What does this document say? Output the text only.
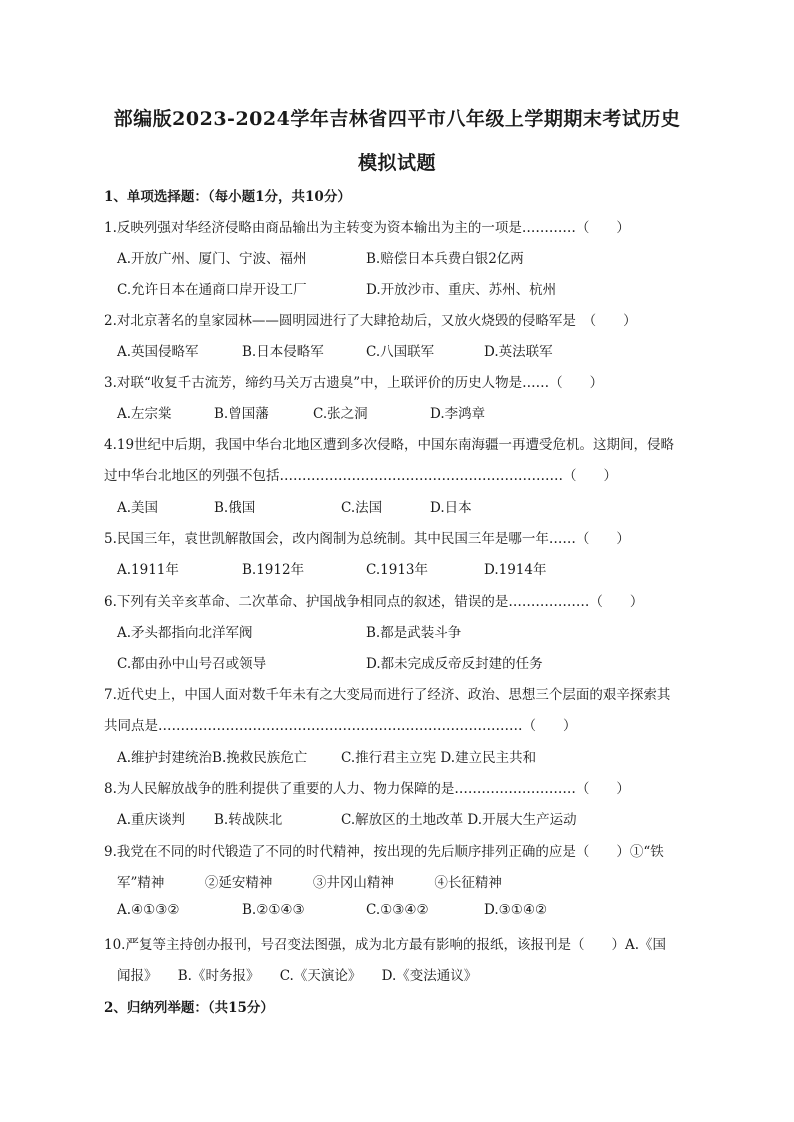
部编版2023-2024学年吉林省四平市八年级上学期期末考试历史
模拟试题
1、单项选择题：（每小题1分，共10分）
1.反映列强对华经济侵略由商品输出为主转变为资本输出为主的一项是…………（　　）
A.开放广州、厦门、宁波、福州	B.赔偿日本兵费白银2亿两
C.允许日本在通商口岸开设工厂	D.开放沙市、重庆、苏州、杭州
2.对北京著名的皇家园林——圆明园进行了大肆抢劫后，又放火烧毁的侵略军是　（　　）
A.英国侵略军	B.日本侵略军	C.八国联军	D.英法联军
3.对联“收复千古流芳，缔约马关万古遗臭”中，上联评价的历史人物是……（　　）
A.左宗棠	B.曾国藩	C.张之洞	D.李鸿章
4.19世纪中后期，我国中华台北地区遭到多次侵略，中国东南海疆一再遭受危机。这期间，侵略
过中华台北地区的列强不包括………………………………………………………（　　）
A.美国	B.俄国	C.法国	D.日本
5.民国三年，袁世凯解散国会，改内阁制为总统制。其中民国三年是哪一年……（　　）
A.1911年	B.1912年	C.1913年	D.1914年
6.下列有关辛亥革命、二次革命、护国战争相同点的叙述，错误的是………………（　　）
A.矛头都指向北洋军阀	B.都是武装斗争
C.都由孙中山号召或领导	D.都未完成反帝反封建的任务
7.近代史上，中国人面对数千年未有之大变局而进行了经济、政治、思想三个层面的艰辛探索其
共同点是………………………………………………………………………（　　）
A.维护封建统治B.挽救民族危亡 C.推行君主立宪 D.建立民主共和
8.为人民解放战争的胜利提供了重要的人力、物力保障的是………………………（　　）
A.重庆谈判 B.转战陕北	C.解放区的土地改革 D.开展大生产运动
9.我党在不同的时代锻造了不同的时代精神，按出现的先后顺序排列正确的应是（　　）①“铁
军”精神　　　②延安精神　　　③井冈山精神　　　④长征精神
A.④①③②	B.②①④③	C.①③④②	D.③①④②
10.严复等主持创办报刊，号召变法图强，成为北方最有影响的报纸，该报刊是（　　）A.《国
闻报》　　B.《时务报》　　C.《天演论》　　D.《变法通议》
2、归纳列举题：（共15分）
